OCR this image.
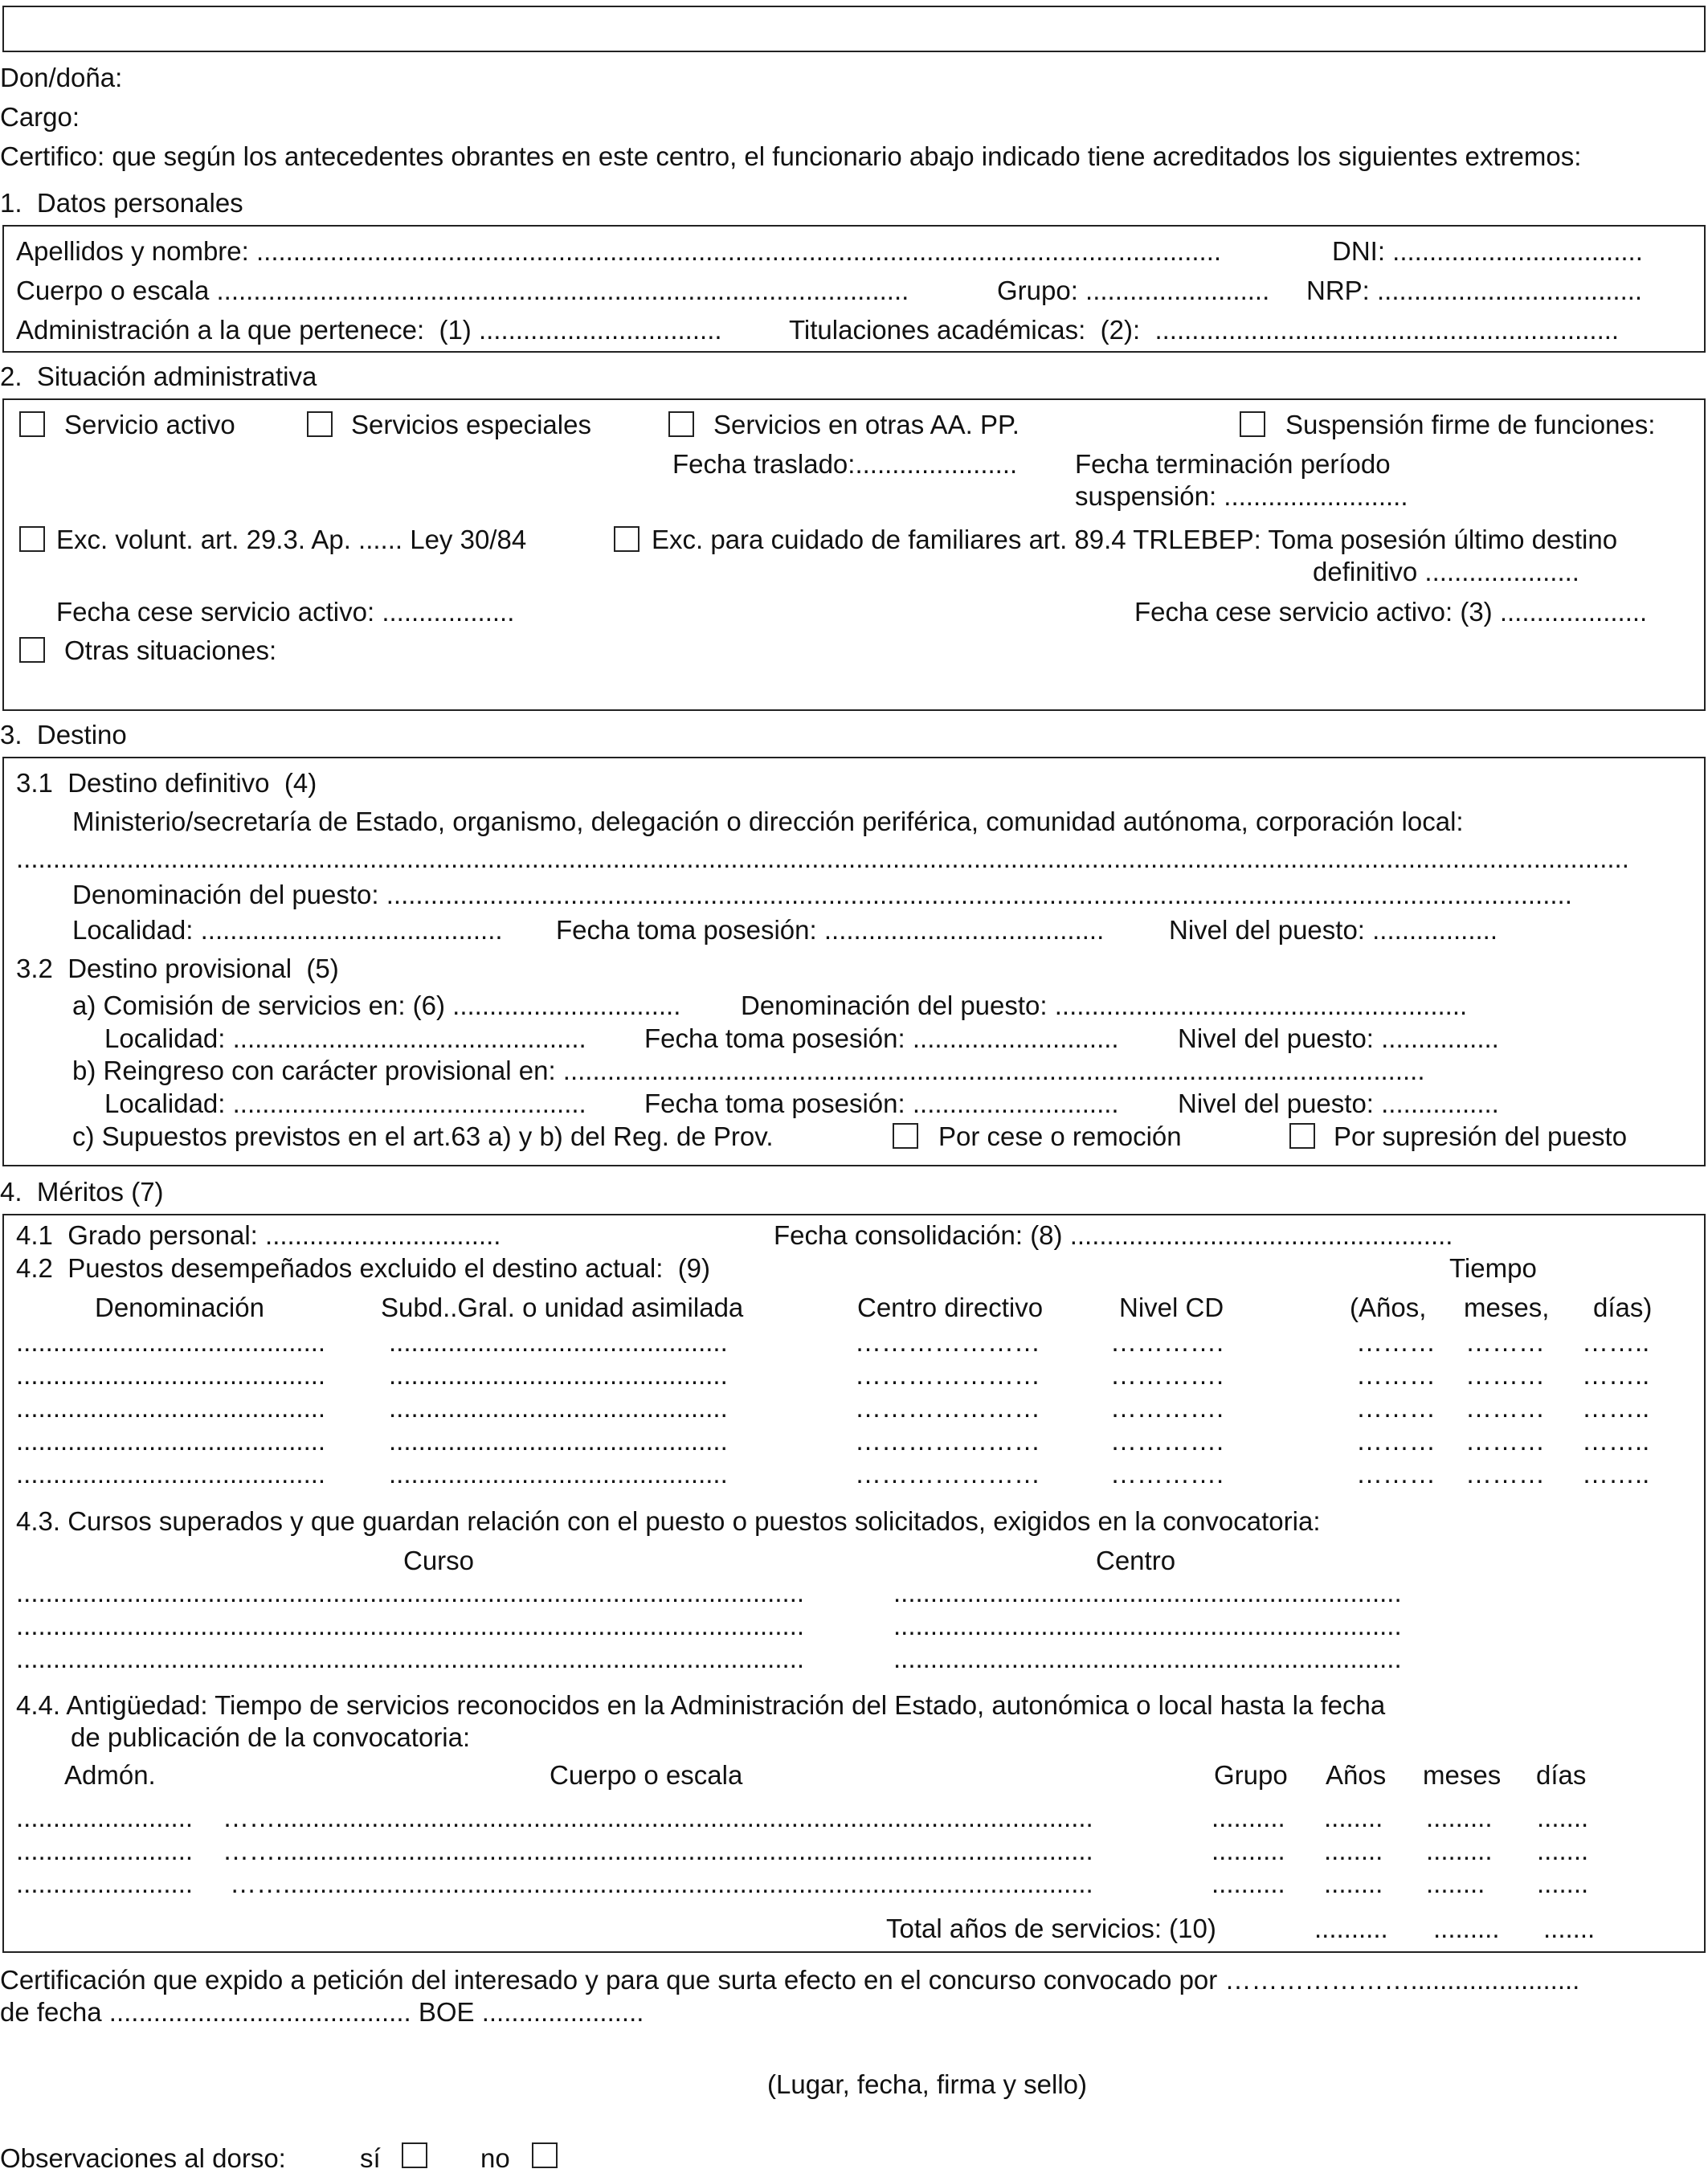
Don/doña:
Cargo:
Certifico: que según los antecedentes obrantes en este centro, el funcionario abajo indicado tiene acreditados los siguientes extremos:
1.  Datos personales
Apellidos y nombre: ...................................................................................................................................	DNI: ..................................
Cuerpo o escala ..............................................................................................	Grupo: ......................... NRP: ....................................
Administración a la que pertenece:  (1) .................................	Titulaciones académicas:  (2):  ...............................................................
2.  Situación administrativa
Servicio activo	Servicios especiales	Servicios en otras AA. PP.	Suspensión firme de funciones:
Fecha traslado:...................... Fecha terminación período
suspensión: .........................
Exc. volunt. art. 29.3. Ap. ...... Ley 30/84	Exc. para cuidado de familiares art. 89.4 TRLEBEP: Toma posesión último destino
definitivo .....................
Fecha cese servicio activo: ..................	Fecha cese servicio activo: (3) ....................
Otras situaciones:
3.  Destino
3.1  Destino definitivo  (4)
Ministerio/secretaría de Estado, organismo, delegación o dirección periférica, comunidad autónoma, corporación local:
...........................................................................................................................................................................................................................
Denominación del puesto: .................................................................................................................................................................
Localidad: ......................................... Fecha toma posesión: ...................................... Nivel del puesto: .................
3.2  Destino provisional  (5)
a) Comisión de servicios en: (6) ............................... Denominación del puesto: ........................................................
Localidad: ................................................ Fecha toma posesión: ............................ Nivel del puesto: ................
b) Reingreso con carácter provisional en: .....................................................................................................................
Localidad: ................................................ Fecha toma posesión: ............................ Nivel del puesto: ................
c) Supuestos previstos en el art.63 a) y b) del Reg. de Prov.	Por cese o remoción	Por supresión del puesto
4.  Méritos (7)
4.1  Grado personal: ................................	Fecha consolidación: (8) ....................................................
4.2  Puestos desempeñados excluido el destino actual:  (9)	Tiempo
Denominación	Subd..Gral. o unidad asimilada	Centro directivo	Nivel CD	(Años, meses, días)
.......................................... ..............................................	…………………	………….	……… ……… ……..
.......................................... ..............................................	…………………	………….	……… ……… ……..
.......................................... ..............................................	…………………	………….	……… ……… ……..
.......................................... ..............................................	…………………	………….	……… ……… ……..
.......................................... ..............................................	…………………	………….	……… ……… ……..
4.3. Cursos superados y que guardan relación con el puesto o puestos solicitados, exigidos en la convocatoria:
Curso	Centro
...........................................................................................................	.....................................................................
...........................................................................................................	.....................................................................
...........................................................................................................	.....................................................................
4.4. Antigüedad: Tiempo de servicios reconocidos en la Administración del Estado, autonómica o local hasta la fecha
de publicación de la convocatoria:
Admón.	Cuerpo o escala	Grupo Años meses días
........................ ……...............................................................................................................	.......... ........ ......... .......
........................ ……...............................................................................................................	.......... ........ ......... .......
........................ ……..............................................................................................................	.......... ........ ........ .......
Total años de servicios: (10)	.......... ......... .......
Certificación que expido a petición del interesado y para que surta efecto en el concurso convocado por ………………….......................
de fecha ......................................... BOE ......................
(Lugar, fecha, firma y sello)
Observaciones al dorso:	sí	no
